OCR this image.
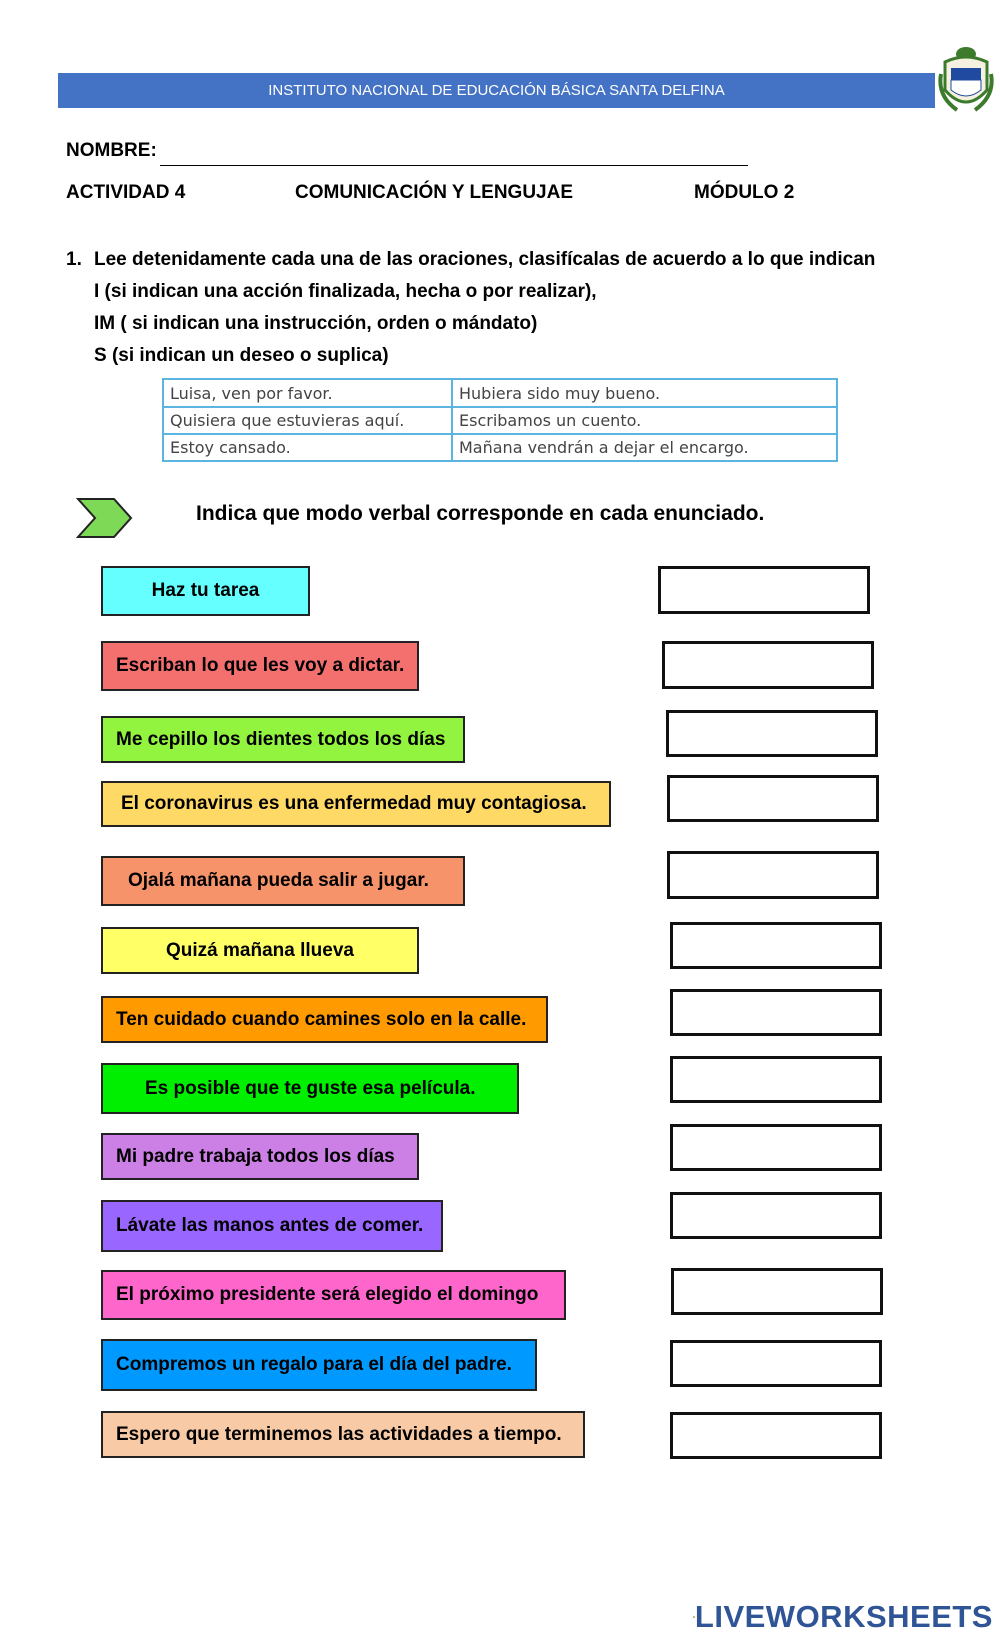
INSTITUTO NACIONAL DE EDUCACIÓN BÁSICA SANTA DELFINA
NOMBRE:
ACTIVIDAD 4	COMUNICACIÓN Y LENGUJAE	MÓDULO 2
1. Lee detenidamente cada una de las oraciones, clasifícalas de acuerdo a lo que indican
I (si indican una acción finalizada, hecha o por realizar),
IM ( si indican una instrucción, orden o mándato)
S (si indican un deseo o suplica)
Luisa, ven por favor.	Hubiera sido muy bueno.
Quisiera que estuvieras aquí.	Escribamos un cuento.
Estoy cansado.	Mañana vendrán a dejar el encargo.
Indica que modo verbal corresponde en cada enunciado.
Haz tu tarea
Escriban lo que les voy a dictar.
Me cepillo los dientes todos los días
El coronavirus es una enfermedad muy contagiosa.
Ojalá mañana pueda salir a jugar.
Quizá mañana llueva
Ten cuidado cuando camines solo en la calle.
Es posible que te guste esa película.
Mi padre trabaja todos los días
Lávate las manos antes de comer.
El próximo presidente será elegido el domingo
Compremos un regalo para el día del padre.
Espero que terminemos las actividades a tiempo.
LIVEWORKSHEETS
